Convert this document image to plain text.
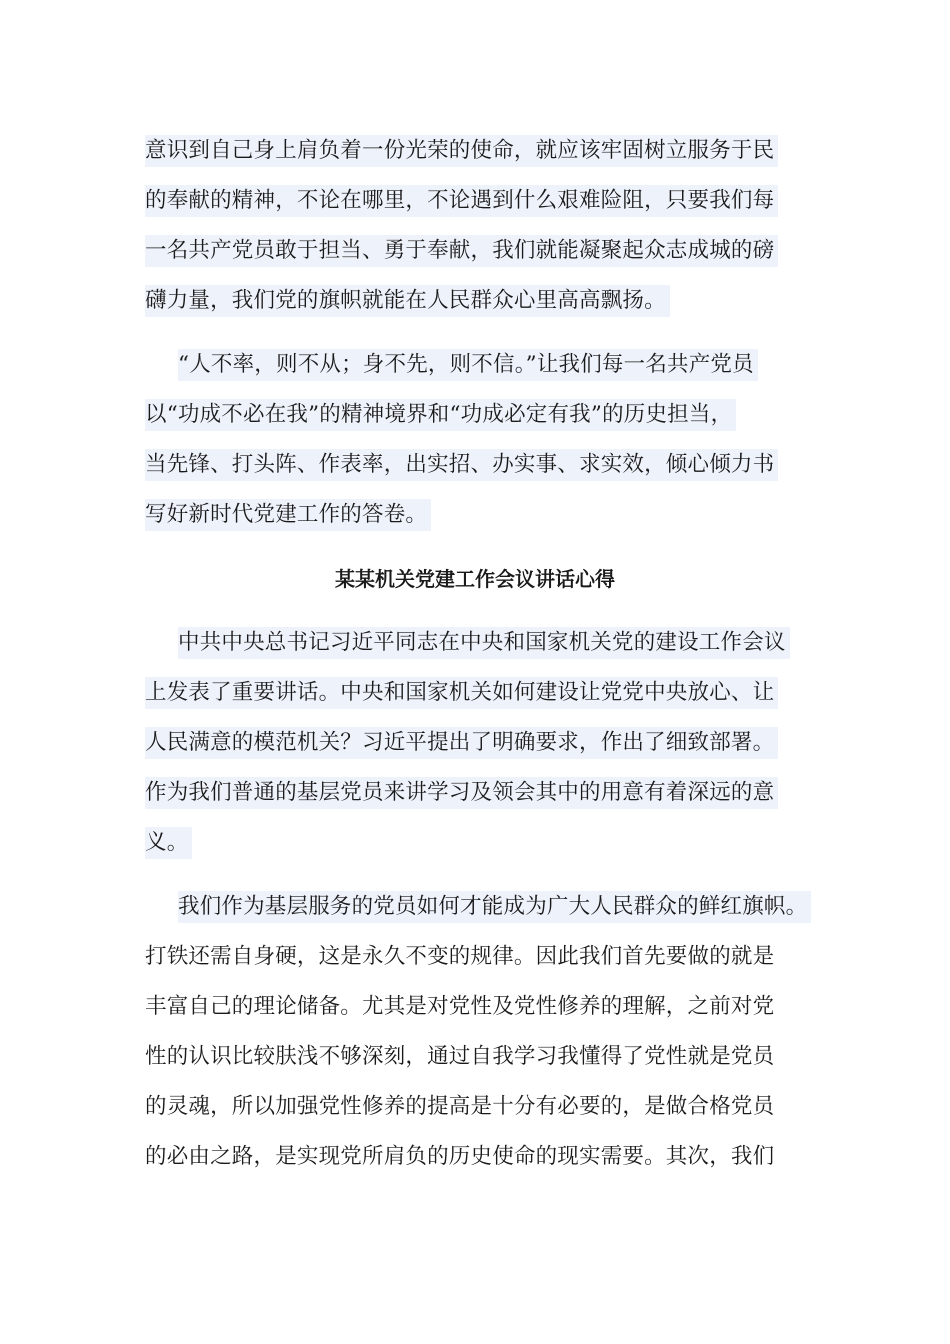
意识到自己身上肩负着一份光荣的使命，就应该牢固树立服务于民
的奉献的精神，不论在哪里，不论遇到什么艰难险阻，只要我们每
一名共产党员敢于担当、勇于奉献，我们就能凝聚起众志成城的磅
礴力量，我们党的旗帜就能在人民群众心里高高飘扬。
“人不率，则不从；身不先，则不信。”让我们每一名共产党员
以“功成不必在我”的精神境界和“功成必定有我”的历史担当，
当先锋、打头阵、作表率，出实招、办实事、求实效，倾心倾力书
写好新时代党建工作的答卷。
某某机关党建工作会议讲话心得
中共中央总书记习近平同志在中央和国家机关党的建设工作会议
上发表了重要讲话。中央和国家机关如何建设让党党中央放心、让
人民满意的模范机关？习近平提出了明确要求，作出了细致部署。
作为我们普通的基层党员来讲学习及领会其中的用意有着深远的意
义。
我们作为基层服务的党员如何才能成为广大人民群众的鲜红旗帜。
打铁还需自身硬，这是永久不变的规律。因此我们首先要做的就是
丰富自己的理论储备。尤其是对党性及党性修养的理解，之前对党
性的认识比较肤浅不够深刻，通过自我学习我懂得了党性就是党员
的灵魂，所以加强党性修养的提高是十分有必要的，是做合格党员
的必由之路，是实现党所肩负的历史使命的现实需要。其次，我们
